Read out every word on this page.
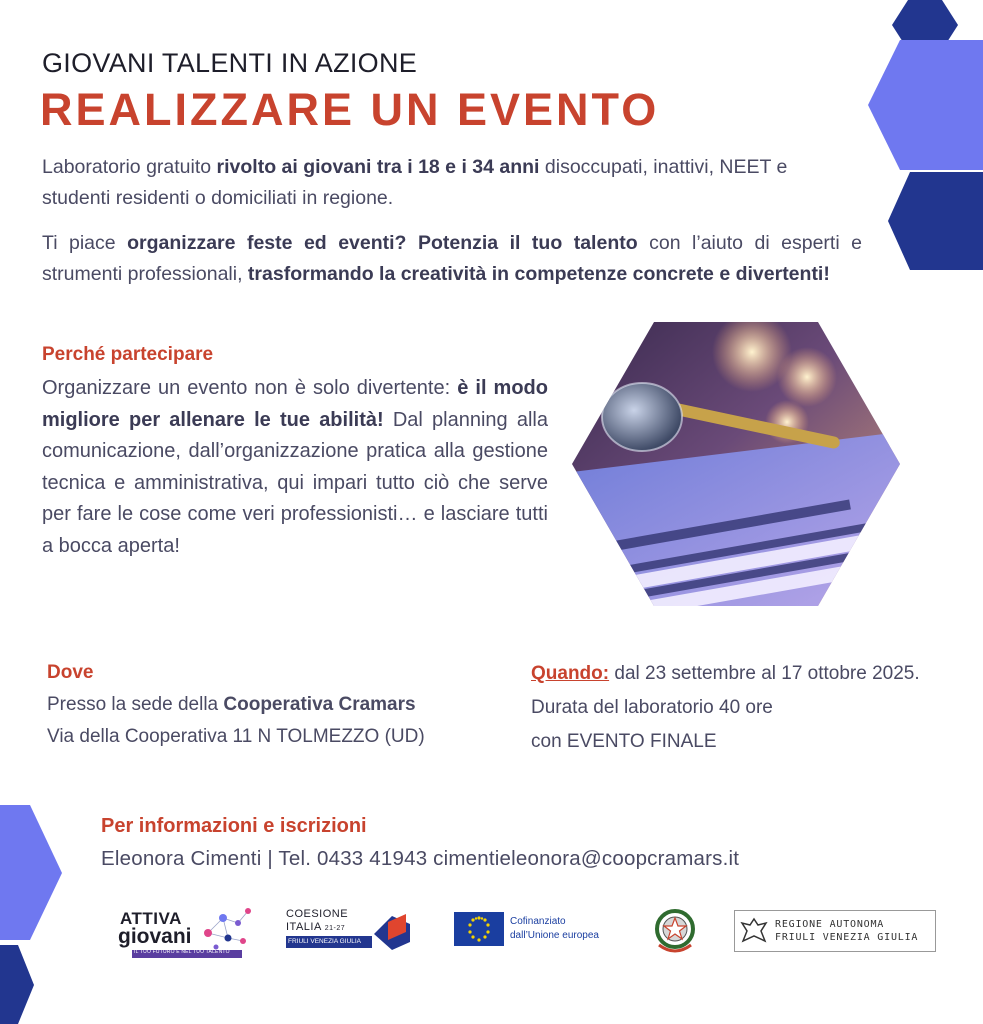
GIOVANI TALENTI IN AZIONE
REALIZZARE UN EVENTO
Laboratorio gratuito rivolto ai giovani tra i 18 e i 34 anni disoccupati, inattivi, NEET e studenti residenti o domiciliati in regione.
Ti piace organizzare feste ed eventi? Potenzia il tuo talento con l’aiuto di esperti e strumenti professionali, trasformando la creatività in competenze concrete e divertenti!
Perché partecipare
Organizzare un evento non è solo divertente: è il modo migliore per allenare le tue abilità! Dal planning alla comunicazione, dall’organizzazione pratica alla gestione tecnica e amministrativa, qui impari tutto ciò che serve per fare le cose come veri professionisti… e lasciare tutti a bocca aperta!
Dove
Presso la sede della Cooperativa Cramars
Via della Cooperativa 11 N TOLMEZZO (UD)
Quando: dal 23 settembre al 17 ottobre 2025. Durata del laboratorio 40 ore
con EVENTO FINALE
Per informazioni e iscrizioni
Eleonora Cimenti | Tel. 0433 41943 cimentieleonora@coopcramars.it
ATTIVA
giovani
IL TUO FUTURO È NEL TUO TALENTO
COESIONE
ITALIA 21-27
FRIULI VENEZIA GIULIA
Cofinanziato
dall’Unione europea
REGIONE AUTONOMA
FRIULI VENEZIA GIULIA
